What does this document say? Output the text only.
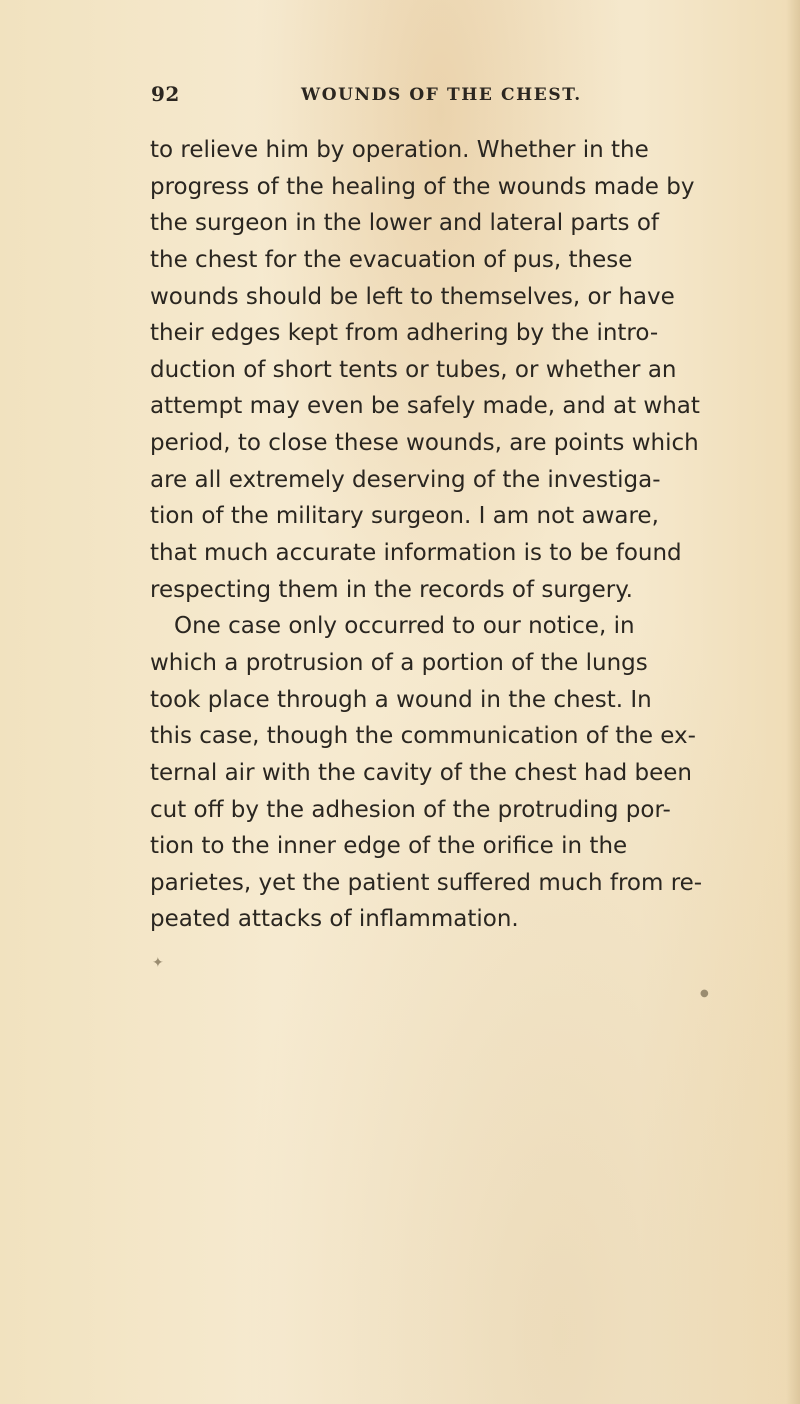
92	WOUNDS OF THE CHEST.
to relieve him by operation. Whether in the
progress of the healing of the wounds made by
the surgeon in the lower and lateral parts of
the chest for the evacuation of pus, these
wounds should be left to themselves, or have
their edges kept from adhering by the intro-
duction of short tents or tubes, or whether an
attempt may even be safely made, and at what
period, to close these wounds, are points which
are all extremely deserving of the investiga-
tion of the military surgeon. I am not aware,
that much accurate information is to be found
respecting them in the records of surgery.
One case only occurred to our notice, in
which a protrusion of a portion of the lungs
took place through a wound in the chest. In
this case, though the communication of the ex-
ternal air with the cavity of the chest had been
cut off by the adhesion of the protruding por-
tion to the inner edge of the orifice in the
parietes, yet the patient suffered much from re-
peated attacks of inflammation.
✦
●
